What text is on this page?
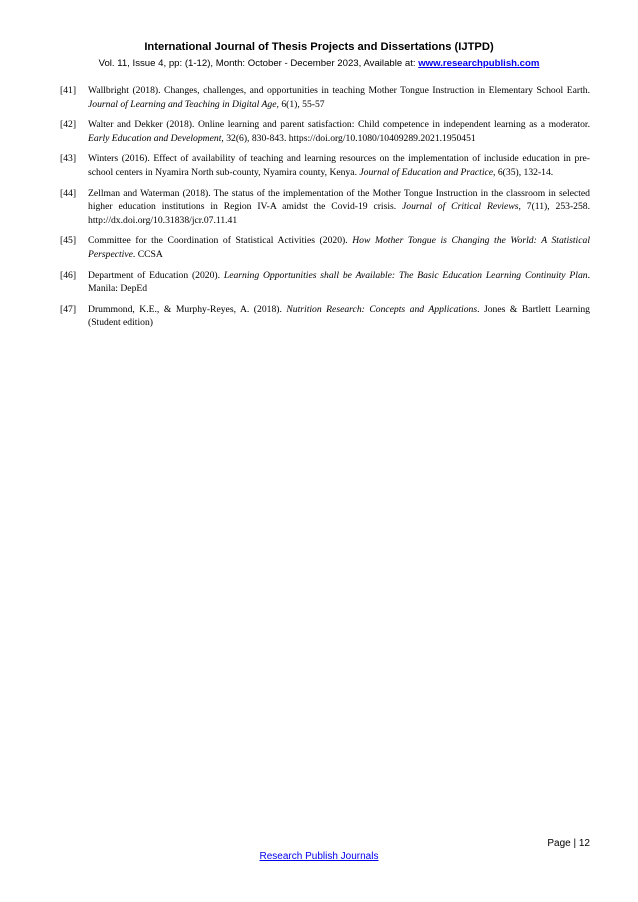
International Journal of Thesis Projects and Dissertations (IJTPD)
Vol. 11, Issue 4, pp: (1-12), Month: October - December 2023, Available at: www.researchpublish.com
[41]	Wallbright (2018). Changes, challenges, and opportunities in teaching Mother Tongue Instruction in Elementary School Earth. Journal of Learning and Teaching in Digital Age, 6(1), 55-57
[42]	Walter and Dekker (2018). Online learning and parent satisfaction: Child competence in independent learning as a moderator. Early Education and Development, 32(6), 830-843. https://doi.org/10.1080/10409289.2021.1950451
[43]	Winters (2016). Effect of availability of teaching and learning resources on the implementation of incluside education in pre-school centers in Nyamira North sub-county, Nyamira county, Kenya. Journal of Education and Practice, 6(35), 132-14.
[44]	Zellman and Waterman (2018). The status of the implementation of the Mother Tongue Instruction in the classroom in selected higher education institutions in Region IV-A amidst the Covid-19 crisis. Journal of Critical Reviews, 7(11), 253-258. http://dx.doi.org/10.31838/jcr.07.11.41
[45]	Committee for the Coordination of Statistical Activities (2020). How Mother Tongue is Changing the World: A Statistical Perspective. CCSA
[46]	Department of Education (2020). Learning Opportunities shall be Available: The Basic Education Learning Continuity Plan. Manila: DepEd
[47]	Drummond, K.E., & Murphy-Reyes, A. (2018). Nutrition Research: Concepts and Applications. Jones & Bartlett Learning (Student edition)
Page | 12
Research Publish Journals
